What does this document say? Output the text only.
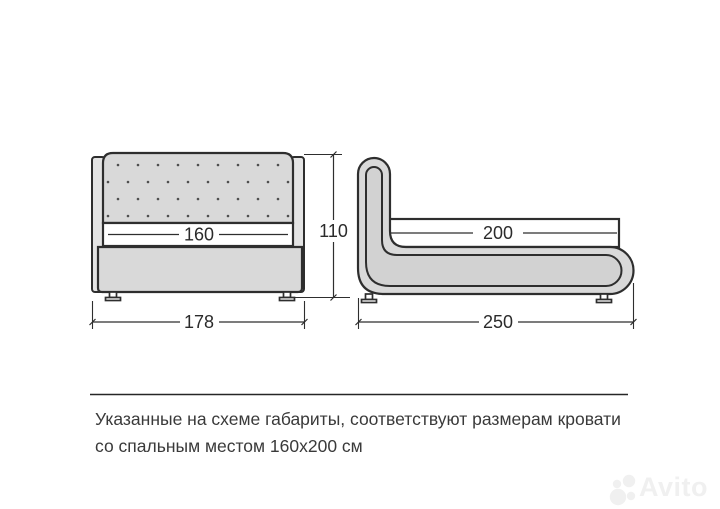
160
178
110	200
250
Указанные на схеме габариты, соответствуют размерам кровати
со спальным местом 160x200 см
Avito
